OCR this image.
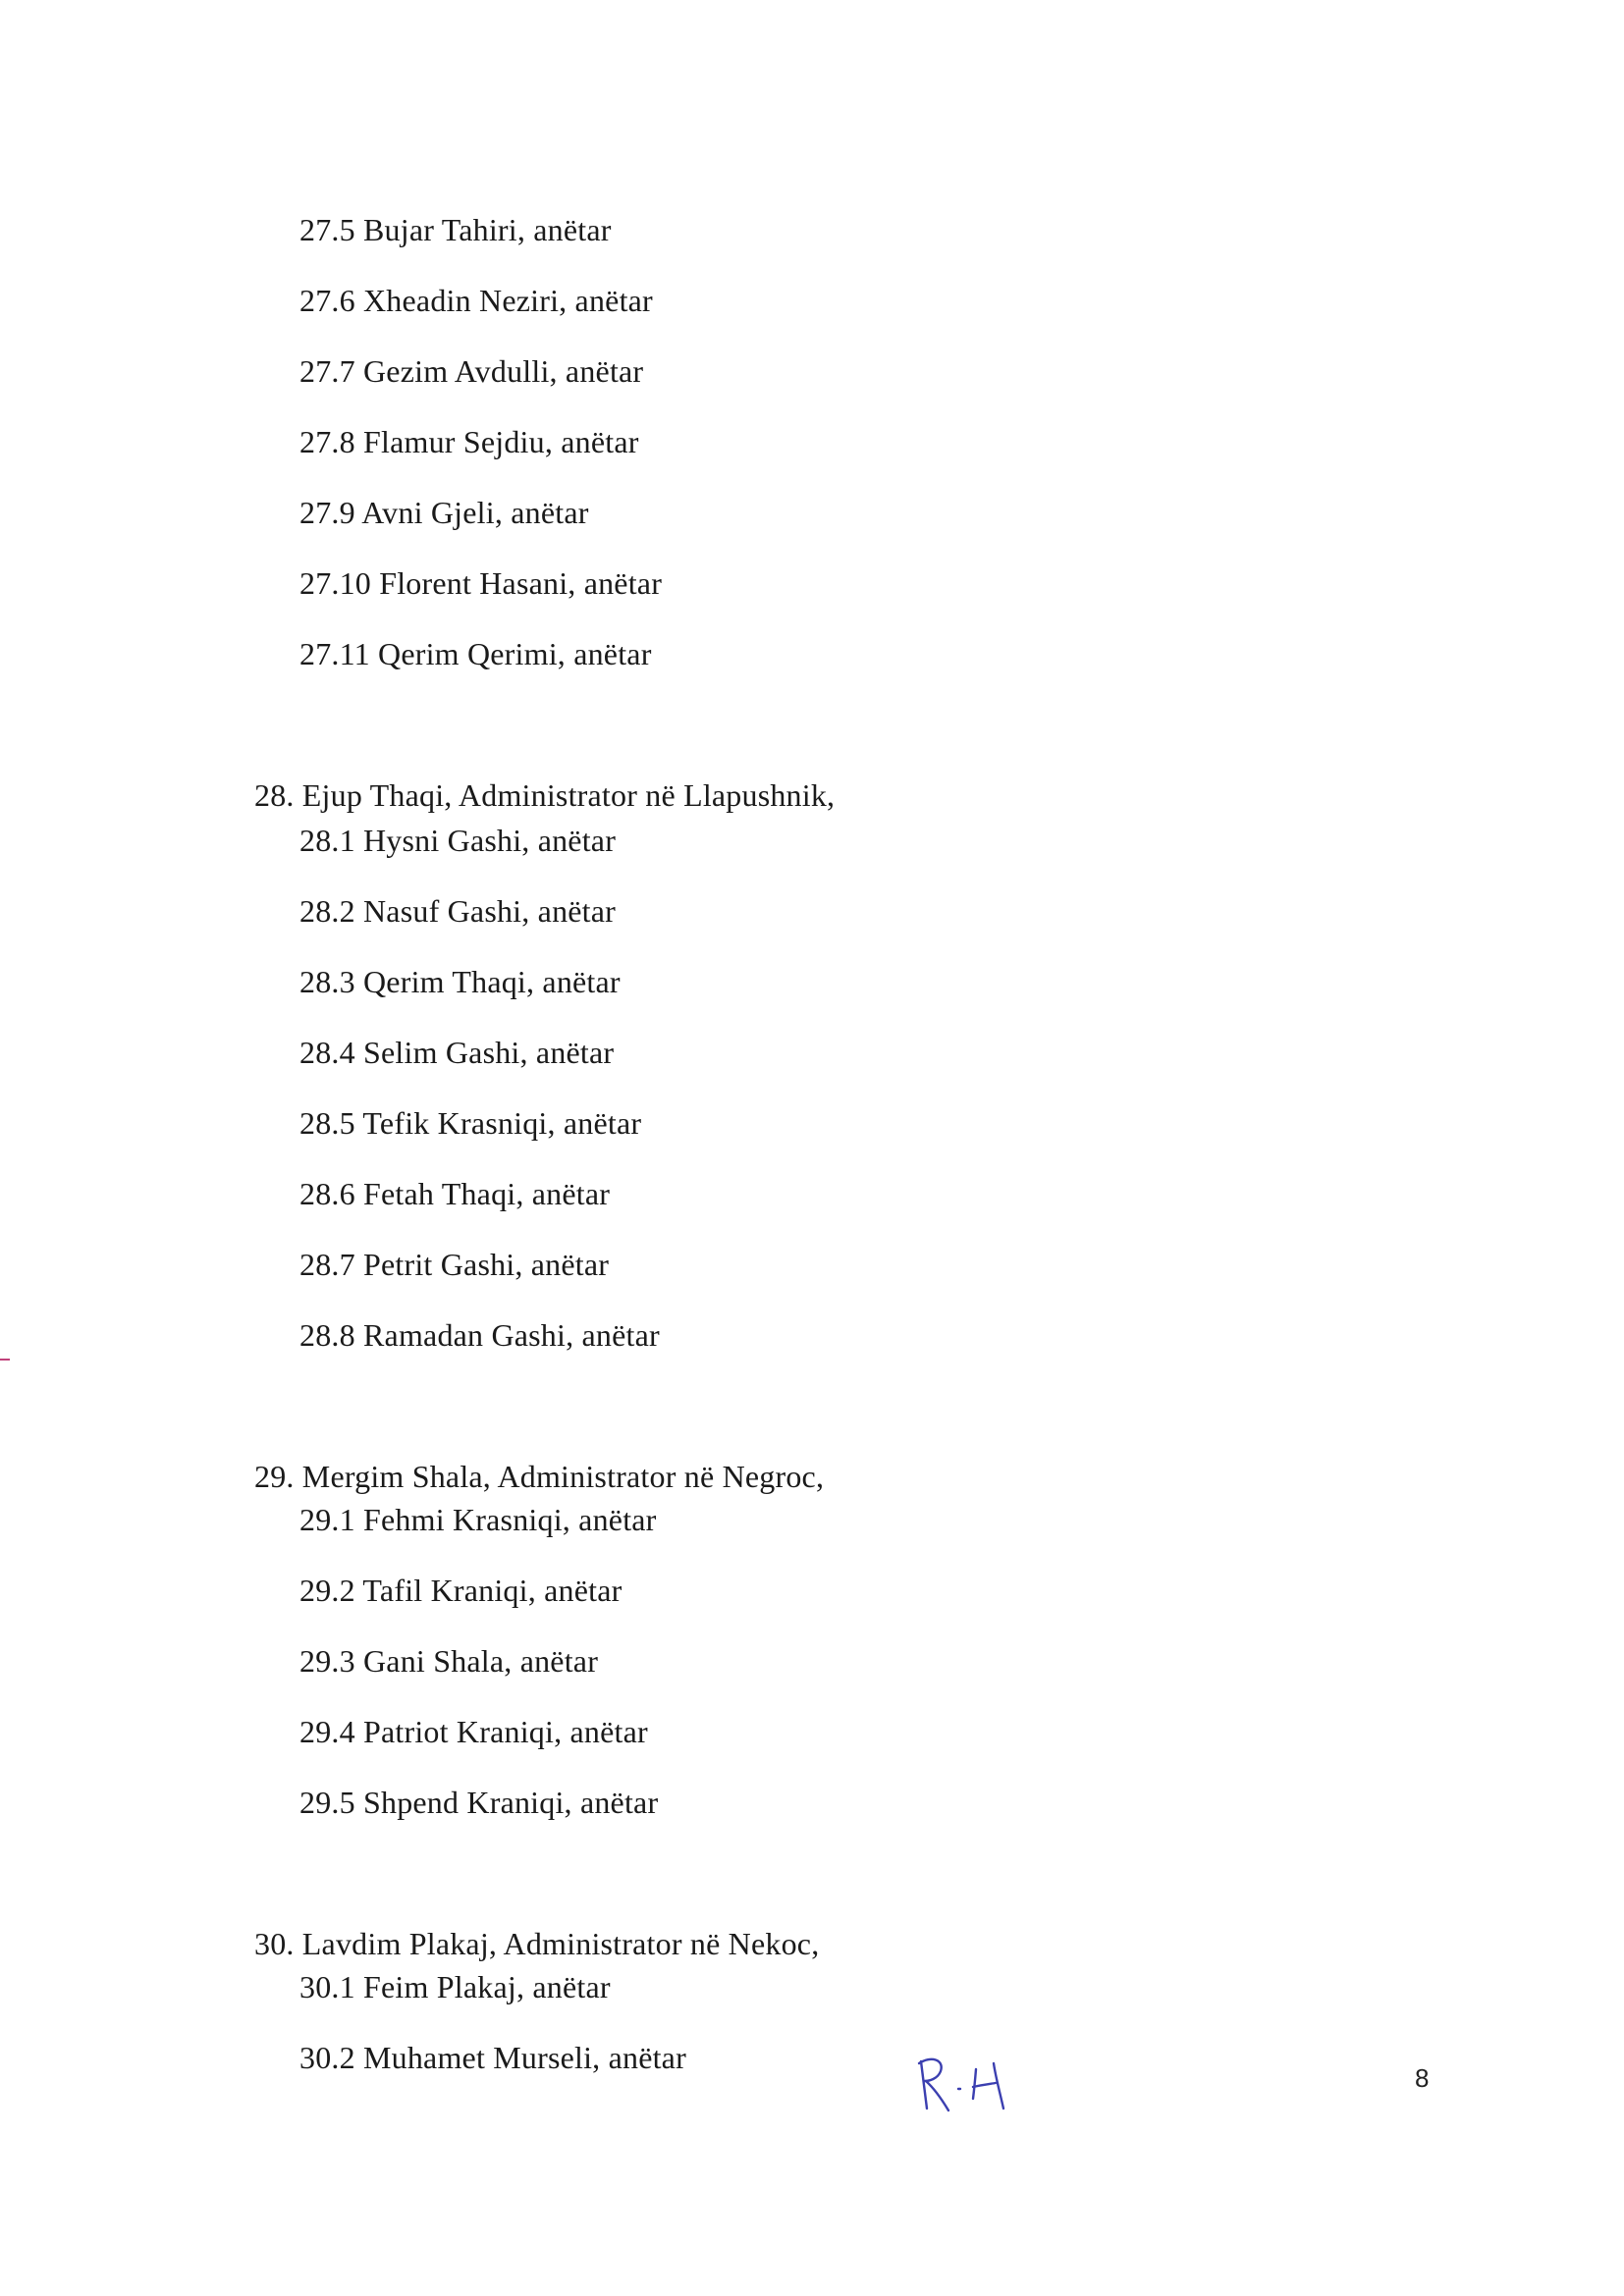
27.5 Bujar Tahiri, anëtar
27.6 Xheadin Neziri, anëtar
27.7 Gezim Avdulli, anëtar
27.8 Flamur Sejdiu, anëtar
27.9 Avni Gjeli, anëtar
27.10 Florent Hasani, anëtar
27.11 Qerim Qerimi, anëtar
28. Ejup Thaqi, Administrator në Llapushnik,
28.1 Hysni Gashi, anëtar
28.2 Nasuf Gashi, anëtar
28.3 Qerim Thaqi, anëtar
28.4 Selim Gashi, anëtar
28.5 Tefik Krasniqi, anëtar
28.6 Fetah Thaqi, anëtar
28.7 Petrit Gashi, anëtar
28.8 Ramadan Gashi, anëtar
29. Mergim Shala, Administrator në Negroc,
29.1 Fehmi Krasniqi, anëtar
29.2 Tafil Kraniqi, anëtar
29.3 Gani Shala, anëtar
29.4 Patriot Kraniqi, anëtar
29.5 Shpend Kraniqi, anëtar
30. Lavdim Plakaj, Administrator në Nekoc,
30.1 Feim Plakaj, anëtar
30.2 Muhamet Murseli, anëtar
8
